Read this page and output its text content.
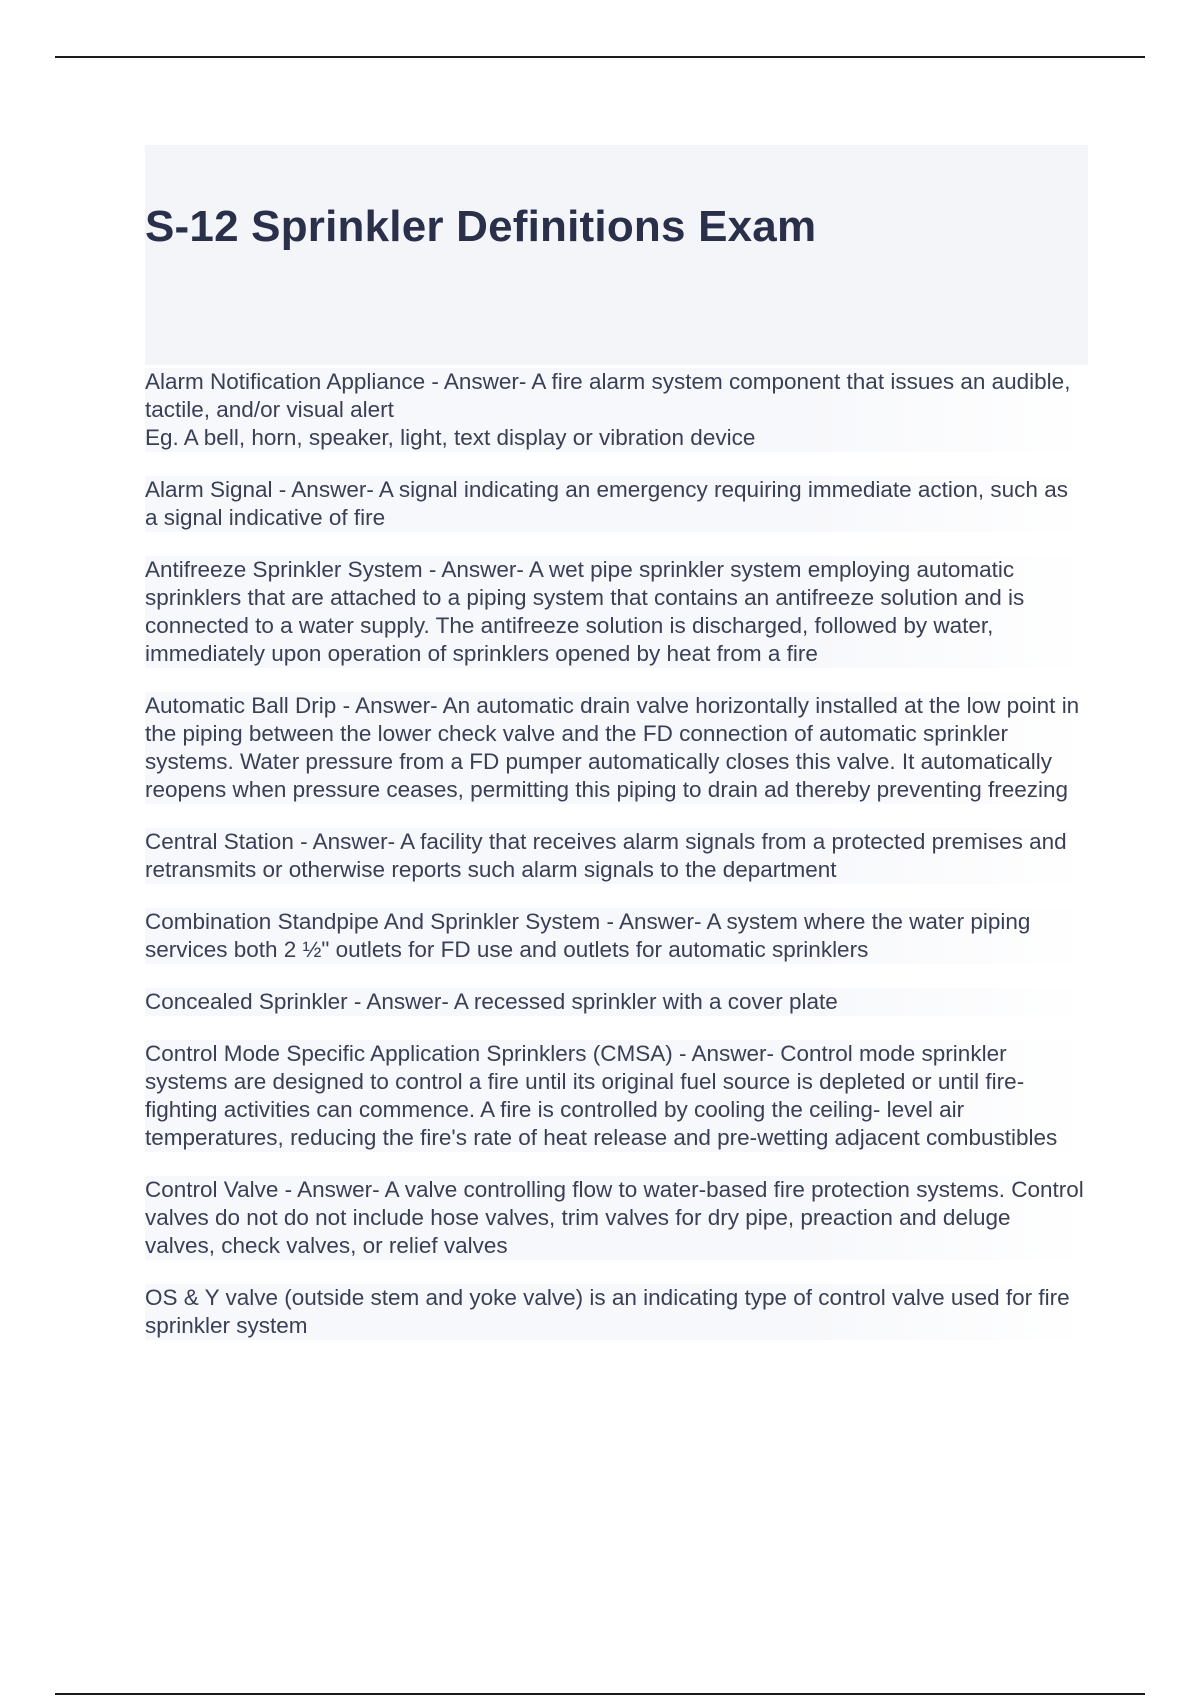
S-12 Sprinkler Definitions Exam

Alarm Notification Appliance - Answer- A fire alarm system component that issues an audible, tactile, and/or visual alert
Eg. A bell, horn, speaker, light, text display or vibration device

Alarm Signal - Answer- A signal indicating an emergency requiring immediate action, such as a signal indicative of fire

Antifreeze Sprinkler System - Answer- A wet pipe sprinkler system employing automatic sprinklers that are attached to a piping system that contains an antifreeze solution and is connected to a water supply. The antifreeze solution is discharged, followed by water, immediately upon operation of sprinklers opened by heat from a fire

Automatic Ball Drip - Answer- An automatic drain valve horizontally installed at the low point in the piping between the lower check valve and the FD connection of automatic sprinkler systems. Water pressure from a FD pumper automatically closes this valve. It automatically reopens when pressure ceases, permitting this piping to drain ad thereby preventing freezing

Central Station - Answer- A facility that receives alarm signals from a protected premises and retransmits or otherwise reports such alarm signals to the department

Combination Standpipe And Sprinkler System - Answer- A system where the water piping services both 2 ½" outlets for FD use and outlets for automatic sprinklers

Concealed Sprinkler - Answer- A recessed sprinkler with a cover plate

Control Mode Specific Application Sprinklers (CMSA) - Answer- Control mode sprinkler systems are designed to control a fire until its original fuel source is depleted or until fire-fighting activities can commence. A fire is controlled by cooling the ceiling- level air temperatures, reducing the fire's rate of heat release and pre-wetting adjacent combustibles

Control Valve - Answer- A valve controlling flow to water-based fire protection systems. Control valves do not do not include hose valves, trim valves for dry pipe, preaction and deluge valves, check valves, or relief valves

OS & Y valve (outside stem and yoke valve) is an indicating type of control valve used for fire sprinkler system
